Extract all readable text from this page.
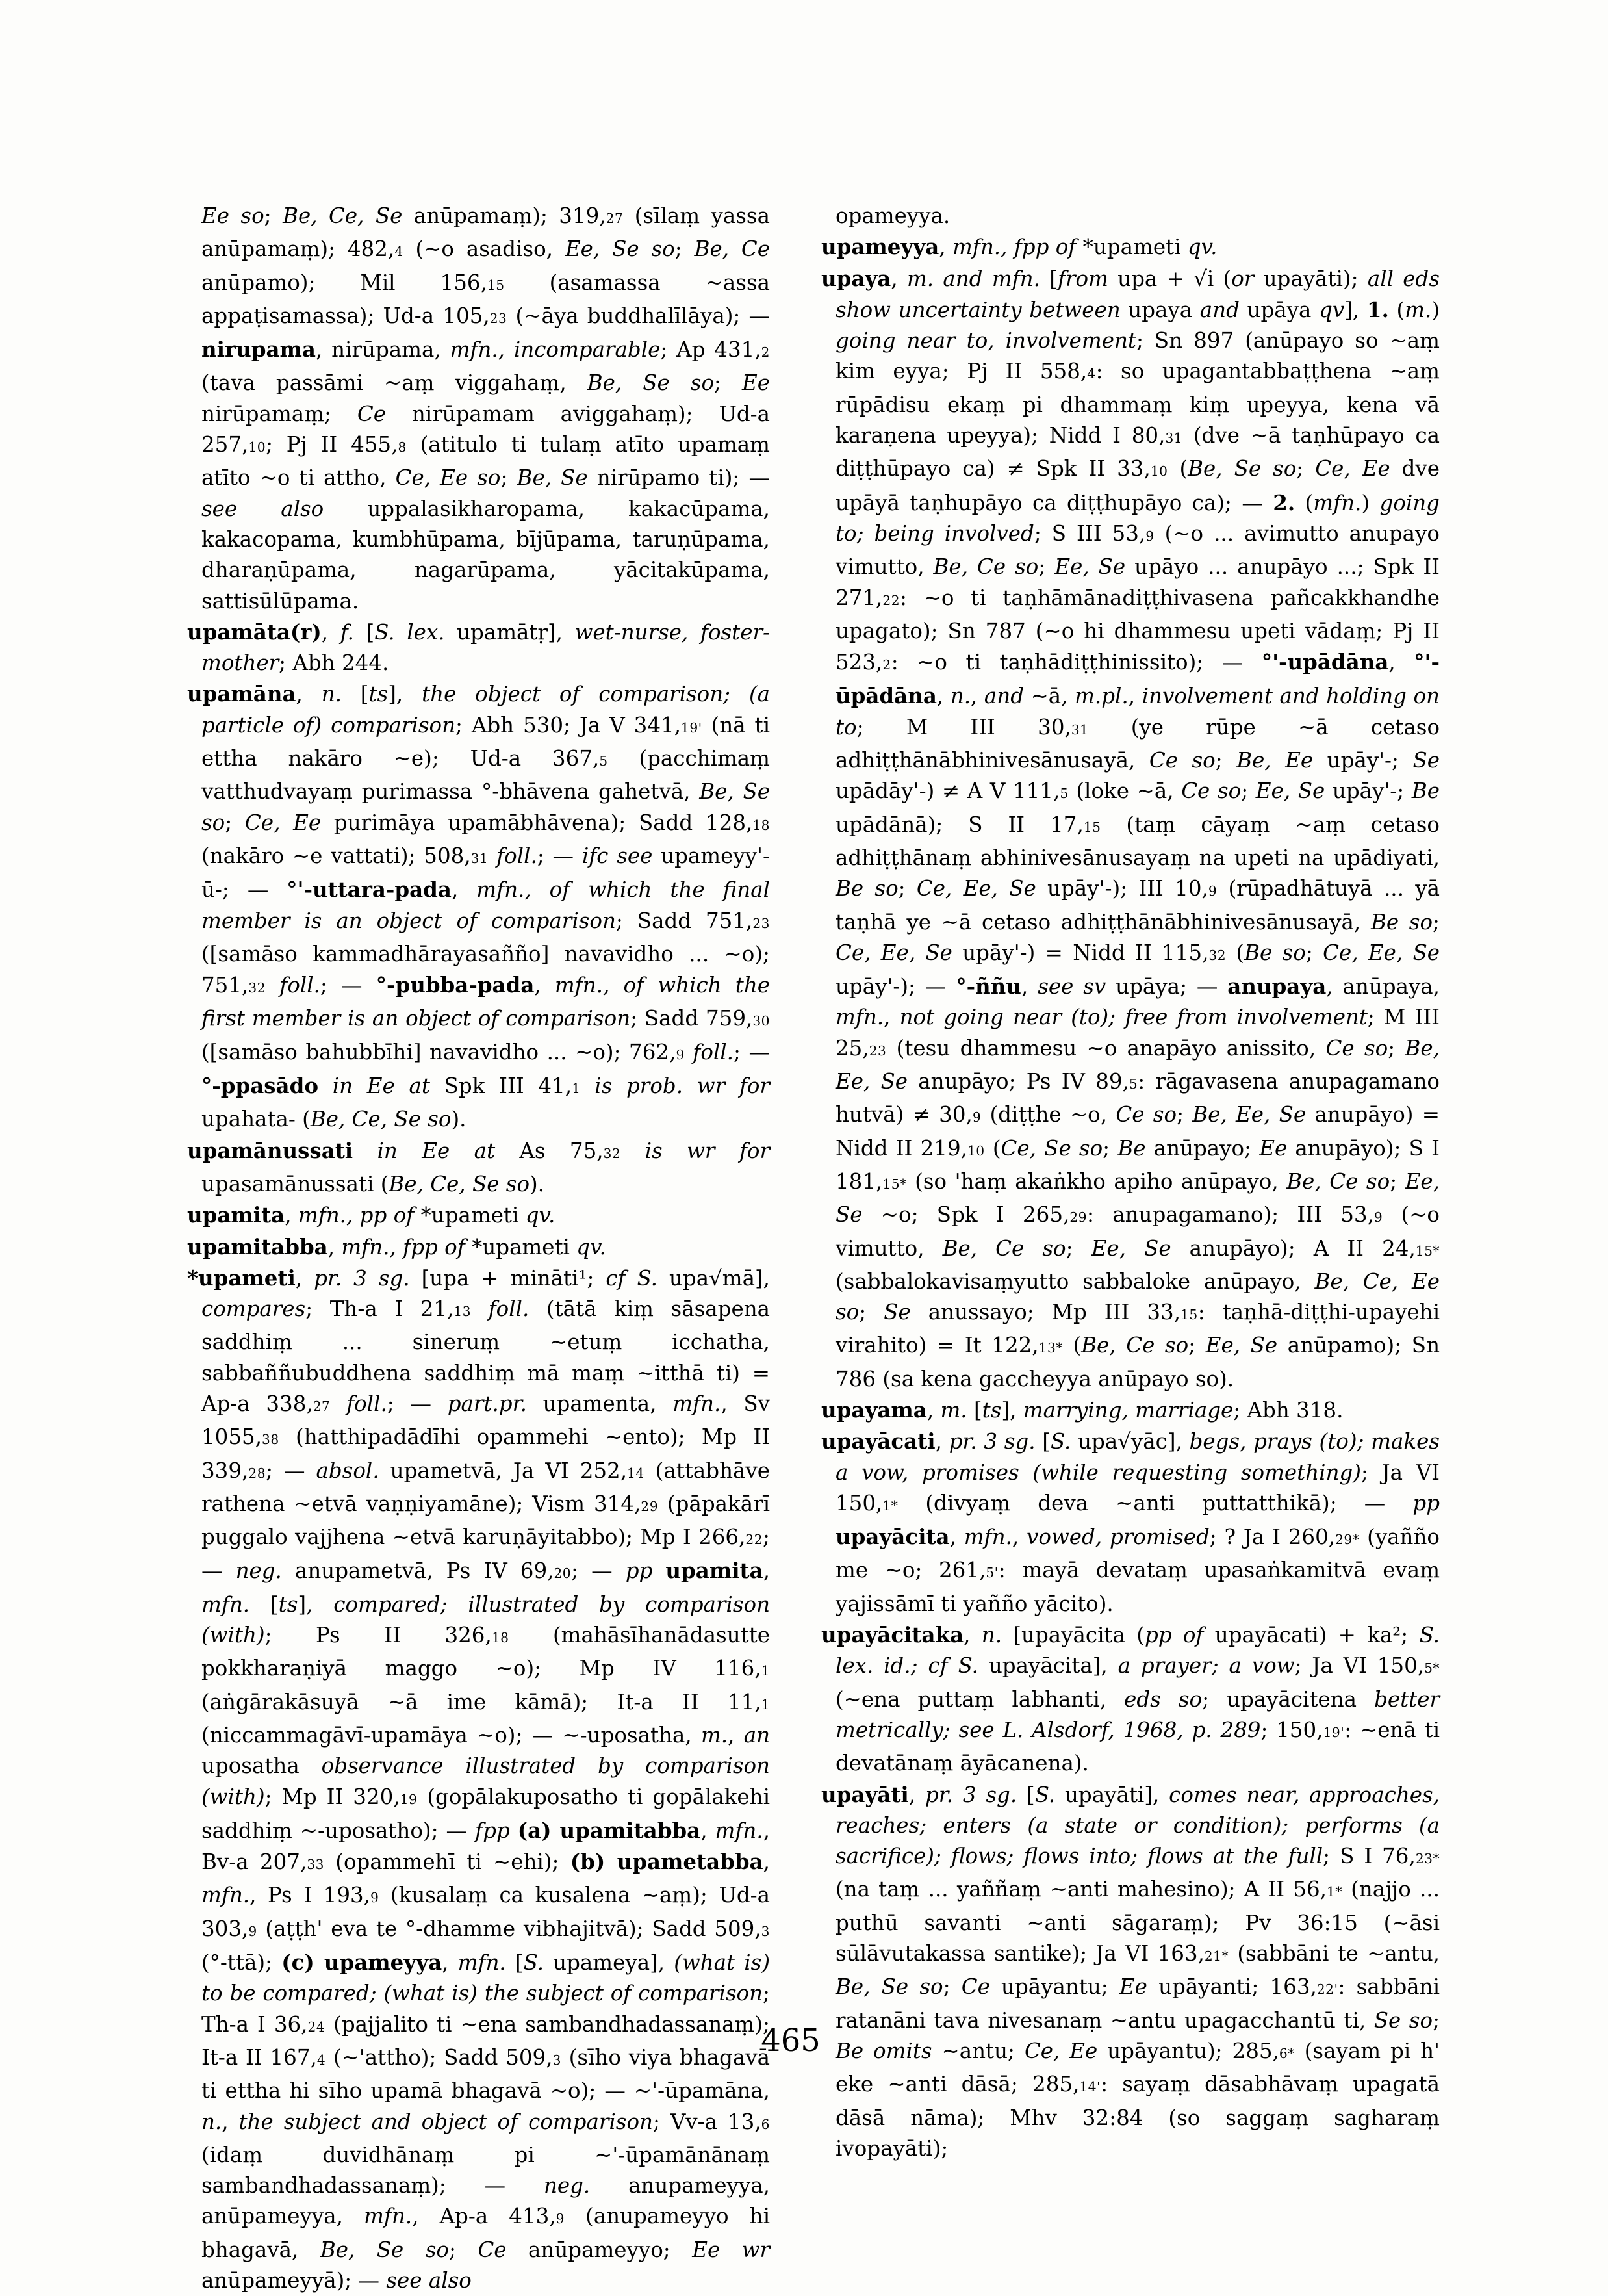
Ee so; Be, Ce, Se anūpamaṃ); 319,27 (sīlaṃ yassa anūpamaṃ); 482,4 (~o asadiso, Ee, Se so; Be, Ce anūpamo); Mil 156,15 (asamassa ~assa appaṭisamassa); Ud-a 105,23 (~āya buddhalīlāya); — nirupama, nirūpama, mfn., incomparable; Ap 431,2 (tava passāmi ~aṃ viggahaṃ, Be, Se so; Ee nirūpamaṃ; Ce nirūpamam aviggahaṃ); Ud-a 257,10; Pj II 455,8 (atitulo ti tulaṃ atīto upamaṃ atīto ~o ti attho, Ce, Ee so; Be, Se nirūpamo ti); — see also uppalasikharopama, kakacūpama, kakacopama, kumbhūpama, bījūpama, taruṇūpama, dharaṇūpama, nagarūpama, yācitakūpama, sattisūlūpama.

upamāta(r), f. [S. lex. upamātṛ], wet-nurse, foster-mother; Abh 244.

upamāna, n. [ts], the object of comparison; (a particle of) comparison; Abh 530; Ja V 341,19' (nā ti ettha nakāro ~e); Ud-a 367,5 (pacchimaṃ vatthudvayaṃ purimassa °-bhāvena gahetvā, Be, Se so; Ce, Ee purimāya upamābhāvena); Sadd 128,18 (nakāro ~e vattati); 508,31 foll.; — ifc see upameyy'-ū-; — °'-uttara-pada, mfn., of which the final member is an object of comparison; Sadd 751,23 ([samāso kammadhārayasañño] navavidho ... ~o); 751,32 foll.; — °-pubba-pada, mfn., of which the first member is an object of comparison; Sadd 759,30 ([samāso bahubbīhi] navavidho ... ~o); 762,9 foll.; — °-ppasādo in Ee at Spk III 41,1 is prob. wr for upahata- (Be, Ce, Se so).

upamānussati in Ee at As 75,32 is wr for upasamānussati (Be, Ce, Se so).

upamita, mfn., pp of *upameti qv.

upamitabba, mfn., fpp of *upameti qv.

*upameti, pr. 3 sg. [upa + mināti¹; cf S. upa√mā], compares; Th-a I 21,13 foll. (tātā kiṃ sāsapena saddhiṃ ... sineruṃ ~etuṃ icchatha, sabbaññubuddhena saddhiṃ mā maṃ ~itthā ti) = Ap-a 338,27 foll.; — part.pr. upamenta, mfn., Sv 1055,38 (hatthipadādīhi opammehi ~ento); Mp II 339,28; — absol. upametvā, Ja VI 252,14 (attabhāve rathena ~etvā vaṇṇiyamāne); Vism 314,29 (pāpakārī puggalo vajjhena ~etvā karuṇāyitabbo); Mp I 266,22; — neg. anupametvā, Ps IV 69,20; — pp upamita, mfn. [ts], compared; illustrated by comparison (with); Ps II 326,18 (mahāsīhanādasutte pokkharaṇiyā maggo ~o); Mp IV 116,1 (aṅgārakāsuyā ~ā ime kāmā); It-a II 11,1 (niccammagāvī-upamāya ~o); — ~-uposatha, m., an uposatha observance illustrated by comparison (with); Mp II 320,19 (gopālakuposatho ti gopālakehi saddhiṃ ~-uposatho); — fpp (a) upamitabba, mfn., Bv-a 207,33 (opammehī ti ~ehi); (b) upametabba, mfn., Ps I 193,9 (kusalaṃ ca kusalena ~aṃ); Ud-a 303,9 (aṭṭh' eva te °-dhamme vibhajitvā); Sadd 509,3 (°-ttā); (c) upameyya, mfn. [S. upameya], (what is) to be compared; (what is) the subject of comparison; Th-a I 36,24 (pajjalito ti ~ena sambandhadassanaṃ); It-a II 167,4 (~'attho); Sadd 509,3 (sīho viya bhagavā ti ettha hi sīho upamā bhagavā ~o); — ~'-ūpamāna, n., the subject and object of comparison; Vv-a 13,6 (idaṃ duvidhānaṃ pi ~'-ūpamānānaṃ sambandhadassanaṃ); — neg. anupameyya, anūpameyya, mfn., Ap-a 413,9 (anupameyyo hi bhagavā, Be, Se so; Ce anūpameyyo; Ee wr anūpameyyā); — see also

opameyya.

upameyya, mfn., fpp of *upameti qv.

upaya, m. and mfn. [from upa + √i (or upayāti); all eds show uncertainty between upaya and upāya qv], 1. (m.) going near to, involvement; Sn 897 (anūpayo so ~aṃ kim eyya; Pj II 558,4: so upagantabbaṭṭhena ~aṃ rūpādisu ekaṃ pi dhammaṃ kiṃ upeyya, kena vā karaṇena upeyya); Nidd I 80,31 (dve ~ā taṇhūpayo ca diṭṭhūpayo ca) ≠ Spk II 33,10 (Be, Se so; Ce, Ee dve upāyā taṇhupāyo ca diṭṭhupāyo ca); — 2. (mfn.) going to; being involved; S III 53,9 (~o ... avimutto anupayo vimutto, Be, Ce so; Ee, Se upāyo ... anupāyo ...; Spk II 271,22: ~o ti taṇhāmānadiṭṭhivasena pañcakkhandhe upagato); Sn 787 (~o hi dhammesu upeti vādaṃ; Pj II 523,2: ~o ti taṇhādiṭṭhinissito); — °'-upādāna, °'-ūpādāna, n., and ~ā, m.pl., involvement and holding on to; M III 30,31 (ye rūpe ~ā cetaso adhiṭṭhānābhinivesānusayā, Ce so; Be, Ee upāy'-; Se upādāy'-) ≠ A V 111,5 (loke ~ā, Ce so; Ee, Se upāy'-; Be upādānā); S II 17,15 (taṃ cāyaṃ ~aṃ cetaso adhiṭṭhānaṃ abhinivesānusayaṃ na upeti na upādiyati, Be so; Ce, Ee, Se upāy'-); III 10,9 (rūpadhātuyā ... yā taṇhā ye ~ā cetaso adhiṭṭhānābhinivesānusayā, Be so; Ce, Ee, Se upāy'-) = Nidd II 115,32 (Be so; Ce, Ee, Se upāy'-); — °-ññu, see sv upāya; — anupaya, anūpaya, mfn., not going near (to); free from involvement; M III 25,23 (tesu dhammesu ~o anapāyo anissito, Ce so; Be, Ee, Se anupāyo; Ps IV 89,5: rāgavasena anupagamano hutvā) ≠ 30,9 (diṭṭhe ~o, Ce so; Be, Ee, Se anupāyo) = Nidd II 219,10 (Ce, Se so; Be anūpayo; Ee anupāyo); S I 181,15* (so 'haṃ akaṅkho apiho anūpayo, Be, Ce so; Ee, Se ~o; Spk I 265,29: anupagamano); III 53,9 (~o vimutto, Be, Ce so; Ee, Se anupāyo); A II 24,15* (sabbalokavisaṃyutto sabbaloke anūpayo, Be, Ce, Ee so; Se anussayo; Mp III 33,15: taṇhā-diṭṭhi-upayehi virahito) = It 122,13* (Be, Ce so; Ee, Se anūpamo); Sn 786 (sa kena gaccheyya anūpayo so).

upayama, m. [ts], marrying, marriage; Abh 318.

upayācati, pr. 3 sg. [S. upa√yāc], begs, prays (to); makes a vow, promises (while requesting something); Ja VI 150,1* (divyaṃ deva ~anti puttatthikā); — pp upayācita, mfn., vowed, promised; ? Ja I 260,29* (yañño me ~o; 261,5': mayā devataṃ upasaṅkamitvā evaṃ yajissāmī ti yañño yācito).

upayācitaka, n. [upayācita (pp of upayācati) + ka²; S. lex. id.; cf S. upayācita], a prayer; a vow; Ja VI 150,5* (~ena puttaṃ labhanti, eds so; upayācitena better metrically; see L. Alsdorf, 1968, p. 289; 150,19': ~enā ti devatānaṃ āyācanena).

upayāti, pr. 3 sg. [S. upayāti], comes near, approaches, reaches; enters (a state or condition); performs (a sacrifice); flows; flows into; flows at the full; S I 76,23* (na taṃ ... yaññaṃ ~anti mahesino); A II 56,1* (najjo ... puthū savanti ~anti sāgaraṃ); Pv 36:15 (~āsi sūlāvutakassa santike); Ja VI 163,21* (sabbāni te ~antu, Be, Se so; Ce upāyantu; Ee upāyanti; 163,22': sabbāni ratanāni tava nivesanaṃ ~antu upagacchantū ti, Se so; Be omits ~antu; Ce, Ee upāyantu); 285,6* (sayam pi h' eke ~anti dāsā; 285,14': sayaṃ dāsabhāvaṃ upagatā dāsā nāma); Mhv 32:84 (so saggaṃ sagharaṃ ivopayāti);

465
